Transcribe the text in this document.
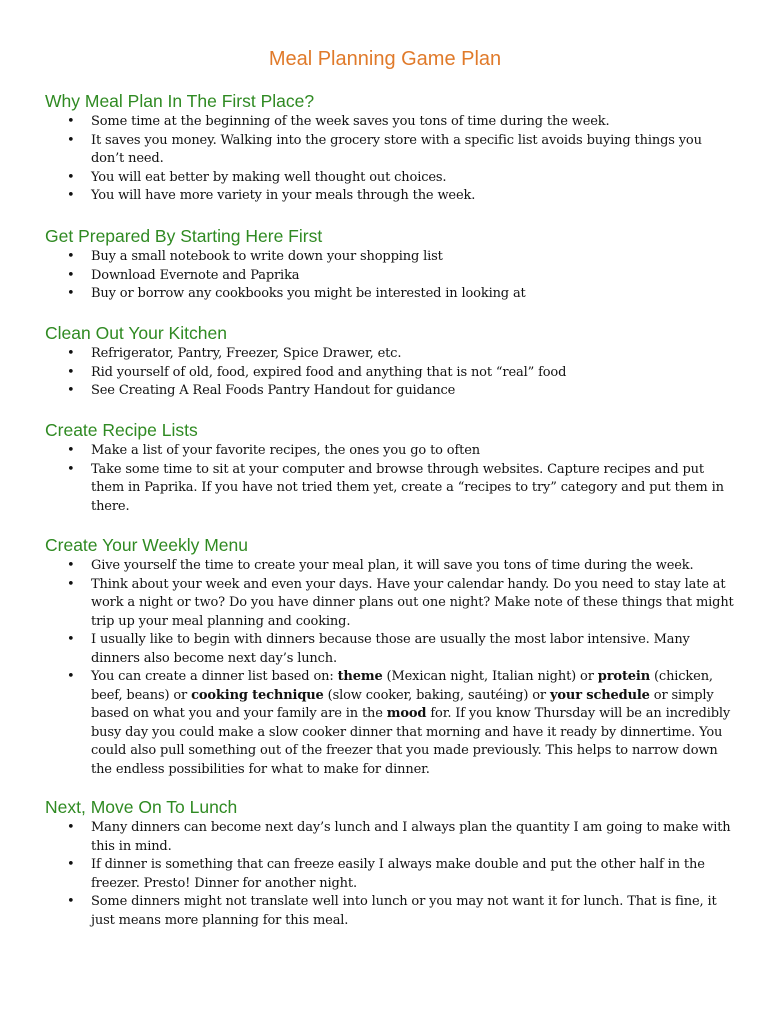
Meal Planning Game Plan
Why Meal Plan In The First Place?
• Some time at the beginning of the week saves you tons of time during the week.
• It saves you money. Walking into the grocery store with a specific list avoids buying things you don’t need.
• You will eat better by making well thought out choices.
• You will have more variety in your meals through the week.
Get Prepared By Starting Here First
• Buy a small notebook to write down your shopping list
• Download Evernote and Paprika
• Buy or borrow any cookbooks you might be interested in looking at
Clean Out Your Kitchen
• Refrigerator, Pantry, Freezer, Spice Drawer, etc.
• Rid yourself of old, food, expired food and anything that is not “real” food
• See Creating A Real Foods Pantry Handout for guidance
Create Recipe Lists
• Make a list of your favorite recipes, the ones you go to often
• Take some time to sit at your computer and browse through websites. Capture recipes and put them in Paprika. If you have not tried them yet, create a “recipes to try” category and put them in there.
Create Your Weekly Menu
• Give yourself the time to create your meal plan, it will save you tons of time during the week.
• Think about your week and even your days. Have your calendar handy. Do you need to stay late at work a night or two? Do you have dinner plans out one night? Make note of these things that might trip up your meal planning and cooking.
• I usually like to begin with dinners because those are usually the most labor intensive. Many dinners also become next day’s lunch.
• You can create a dinner list based on: theme (Mexican night, Italian night) or protein (chicken, beef, beans) or cooking technique (slow cooker, baking, sautéing) or your schedule or simply based on what you and your family are in the mood for. If you know Thursday will be an incredibly busy day you could make a slow cooker dinner that morning and have it ready by dinnertime. You could also pull something out of the freezer that you made previously. This helps to narrow down the endless possibilities for what to make for dinner.
Next, Move On To Lunch
• Many dinners can become next day’s lunch and I always plan the quantity I am going to make with this in mind.
• If dinner is something that can freeze easily I always make double and put the other half in the freezer. Presto! Dinner for another night.
• Some dinners might not translate well into lunch or you may not want it for lunch. That is fine, it just means more planning for this meal.
